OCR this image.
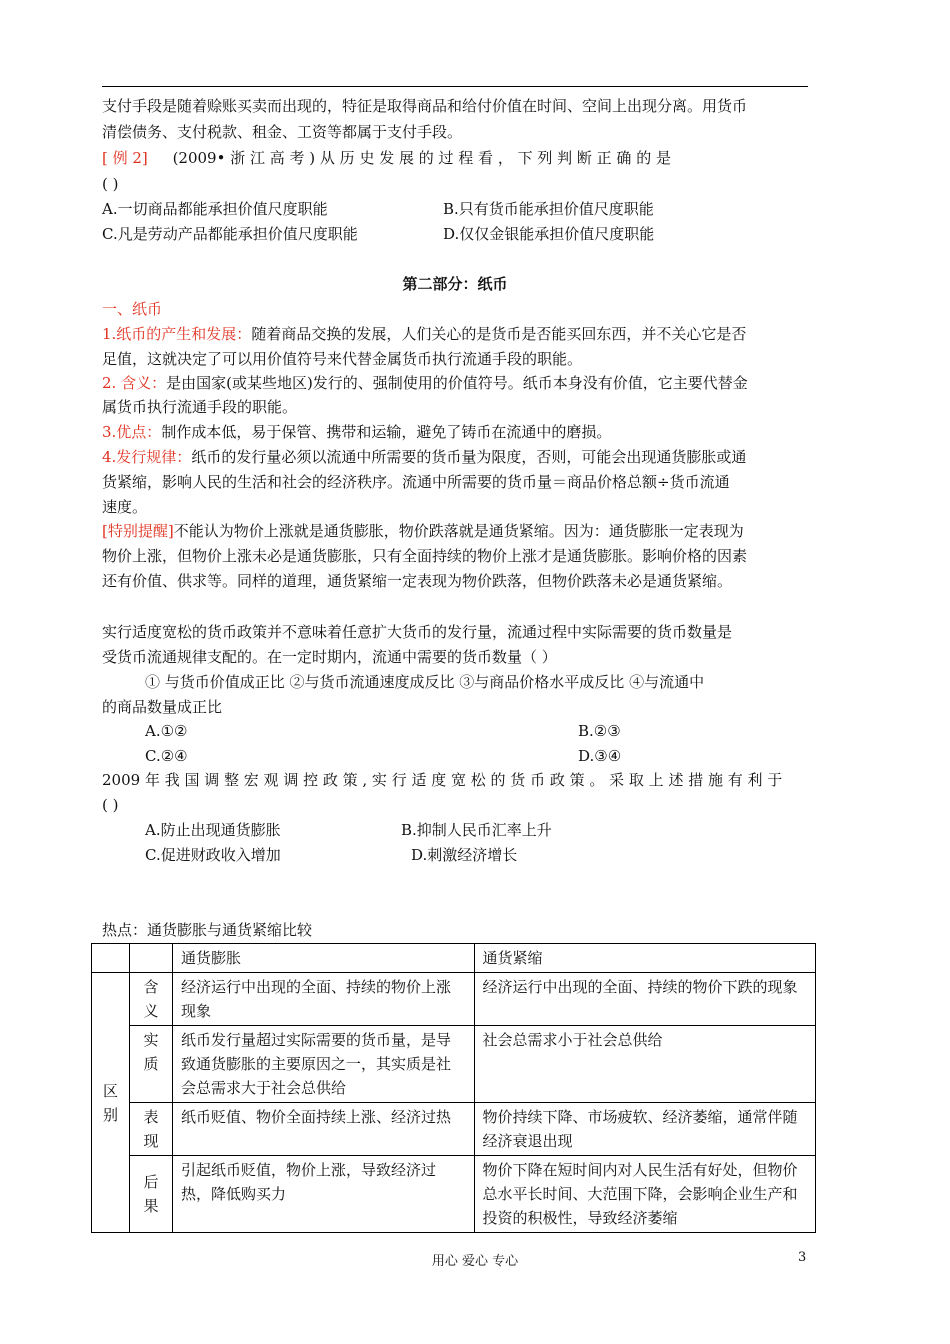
支付手段是随着赊账买卖而出现的，特征是取得商品和给付价值在时间、空间上出现分离。用货币
清偿债务、支付税款、租金、工资等都属于支付手段。
[ 例 2] (2009• 浙 江 高 考 ) 从 历 史 发 展 的 过 程 看 ， 下 列 判 断 正 确 的 是
( )
A.一切商品都能承担价值尺度职能	B.只有货币能承担价值尺度职能
C.凡是劳动产品都能承担价值尺度职能	D.仅仅金银能承担价值尺度职能
第二部分：纸币
一、纸币
1.纸币的产生和发展：随着商品交换的发展，人们关心的是货币是否能买回东西，并不关心它是否
足值，这就决定了可以用价值符号来代替金属货币执行流通手段的职能。
2. 含义：是由国家(或某些地区)发行的、强制使用的价值符号。纸币本身没有价值，它主要代替金
属货币执行流通手段的职能。
3.优点：制作成本低，易于保管、携带和运输，避免了铸币在流通中的磨损。
4.发行规律：纸币的发行量必须以流通中所需要的货币量为限度，否则，可能会出现通货膨胀或通
货紧缩，影响人民的生活和社会的经济秩序。流通中所需要的货币量＝商品价格总额÷货币流通
速度。
[特别提醒]不能认为物价上涨就是通货膨胀，物价跌落就是通货紧缩。因为：通货膨胀一定表现为
物价上涨，但物价上涨未必是通货膨胀，只有全面持续的物价上涨才是通货膨胀。影响价格的因素
还有价值、供求等。同样的道理，通货紧缩一定表现为物价跌落，但物价跌落未必是通货紧缩。
实行适度宽松的货币政策并不意味着任意扩大货币的发行量，流通过程中实际需要的货币数量是
受货币流通规律支配的。在一定时期内，流通中需要的货币数量（ ）
① 与货币价值成正比 ②与货币流通速度成反比 ③与商品价格水平成反比 ④与流通中
的商品数量成正比
A.①②	B.②③
C.②④	D.③④
2009 年 我 国 调 整 宏 观 调 控 政 策 , 实 行 适 度 宽 松 的 货 币 政 策 。 采 取 上 述 措 施 有 利 于
( )
A.防止出现通货膨胀	B.抑制人民币汇率上升
C.促进财政收入增加	D.刺激经济增长
热点：通货膨胀与通货紧缩比较
		通货膨胀	通货紧缩
区别	含义	经济运行中出现的全面、持续的物价上涨现象	经济运行中出现的全面、持续的物价下跌的现象
	实质	纸币发行量超过实际需要的货币量，是导致通货膨胀的主要原因之一，其实质是社会总需求大于社会总供给	社会总需求小于社会总供给
	表现	纸币贬值、物价全面持续上涨、经济过热	物价持续下降、市场疲软、经济萎缩，通常伴随经济衰退出现
	后果	引起纸币贬值，物价上涨，导致经济过热，降低购买力	物价下降在短时间内对人民生活有好处，但物价总水平长时间、大范围下降，会影响企业生产和投资的积极性，导致经济萎缩
用心 爱心 专心	3
